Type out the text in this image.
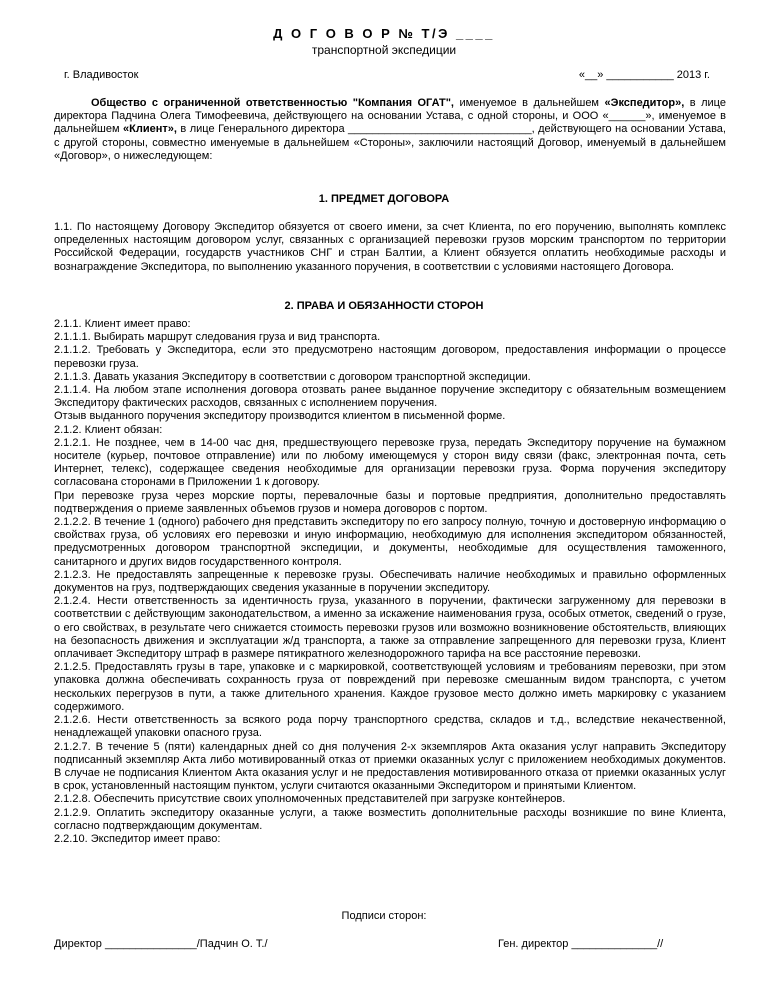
Д О Г О В О Р № Т/Э ____
транспортной экспедиции
г. Владивосток	«__» ___________ 2013 г.

Общество с ограниченной ответственностью "Компания ОГАТ", именуемое в дальнейшем «Экспедитор», в лице директора Падчина Олега Тимофеевича, действующего на основании Устава, с одной стороны, и ООО «______», именуемое в дальнейшем «Клиент», в лице Генерального директора ______________________________, действующего на основании Устава, с другой стороны, совместно именуемые в дальнейшем «Стороны», заключили настоящий Договор, именуемый в дальнейшем «Договор», о нижеследующем:

1. ПРЕДМЕТ ДОГОВОРА

1.1. По настоящему Договору Экспедитор обязуется от своего имени, за счет Клиента, по его поручению, выполнять комплекс определенных настоящим договором услуг, связанных с организацией перевозки грузов морским транспортом по территории Российской Федерации, государств участников СНГ и стран Балтии, а Клиент обязуется оплатить необходимые расходы и вознаграждение Экспедитора, по выполнению указанного поручения, в соответствии с условиями настоящего Договора.

2. ПРАВА И ОБЯЗАННОСТИ СТОРОН

2.1.1. Клиент имеет право:

2.1.1.1. Выбирать маршрут следования груза и вид транспорта.

2.1.1.2. Требовать у Экспедитора, если это предусмотрено настоящим договором, предоставления информации о процессе перевозки груза.

2.1.1.3. Давать указания Экспедитору в соответствии с договором транспортной экспедиции.

2.1.1.4. На любом этапе исполнения договора отозвать ранее выданное поручение экспедитору с обязательным возмещением Экспедитору фактических расходов, связанных с исполнением поручения.

Отзыв выданного поручения экспедитору производится клиентом в письменной форме.

2.1.2. Клиент обязан:

2.1.2.1. Не позднее, чем в 14-00 час дня, предшествующего перевозке груза, передать Экспедитору поручение на бумажном носителе (курьер, почтовое отправление) или по любому имеющемуся у сторон виду связи (факс, электронная почта, сеть Интернет, телекс), содержащее сведения необходимые для организации перевозки груза. Форма поручения экспедитору согласована сторонами в Приложении 1 к договору.

При перевозке груза через морские порты, перевалочные базы и портовые предприятия, дополнительно предоставлять подтверждения о приеме заявленных объемов грузов и номера договоров с портом.

2.1.2.2. В течение 1 (одного) рабочего дня представить экспедитору по его запросу полную, точную и достоверную информацию о свойствах груза, об условиях его перевозки и иную информацию, необходимую для исполнения экспедитором обязанностей, предусмотренных договором транспортной экспедиции, и документы, необходимые для осуществления таможенного, санитарного и других видов государственного контроля.

2.1.2.3. Не предоставлять запрещенные к перевозке грузы. Обеспечивать наличие необходимых и правильно оформленных документов на груз, подтверждающих сведения указанные в поручении экспедитору.

2.1.2.4. Нести ответственность за идентичность груза, указанного в поручении, фактически загруженному для перевозки в соответствии с действующим законодательством, а именно за искажение наименования груза, особых отметок, сведений о грузе, о его свойствах, в результате чего снижается стоимость перевозки грузов или возможно возникновение обстоятельств, влияющих на безопасность движения и эксплуатации ж/д транспорта, а также за отправление запрещенного для перевозки груза, Клиент оплачивает Экспедитору штраф в размере пятикратного железнодорожного тарифа на все расстояние перевозки.

2.1.2.5. Предоставлять грузы в таре, упаковке и с маркировкой, соответствующей условиям и требованиям перевозки, при этом упаковка должна обеспечивать сохранность груза от повреждений при перевозке смешанным видом транспорта, с учетом нескольких перегрузов в пути, а также длительного хранения. Каждое грузовое место должно иметь маркировку с указанием содержимого.

2.1.2.6. Нести ответственность за всякого рода порчу транспортного средства, складов и т.д., вследствие некачественной, ненадлежащей упаковки опасного груза.

2.1.2.7. В течение 5 (пяти) календарных дней со дня получения 2-х экземпляров Акта оказания услуг направить Экспедитору подписанный экземпляр Акта либо мотивированный отказ от приемки оказанных услуг с приложением необходимых документов. В случае не подписания Клиентом Акта оказания услуг и не предоставления мотивированного отказа от приемки оказанных услуг в срок, установленный настоящим пунктом, услуги считаются оказанными Экспедитором и принятыми Клиентом.

2.1.2.8. Обеспечить присутствие своих уполномоченных представителей при загрузке контейнеров.

2.1.2.9. Оплатить экспедитору оказанные услуги, а также возместить дополнительные расходы возникшие по вине Клиента, согласно подтверждающим документам.

2.2.10. Экспедитор имеет право:

Подписи сторон:
Директор _______________/Падчин О. Т./	Ген. директор ______________//
